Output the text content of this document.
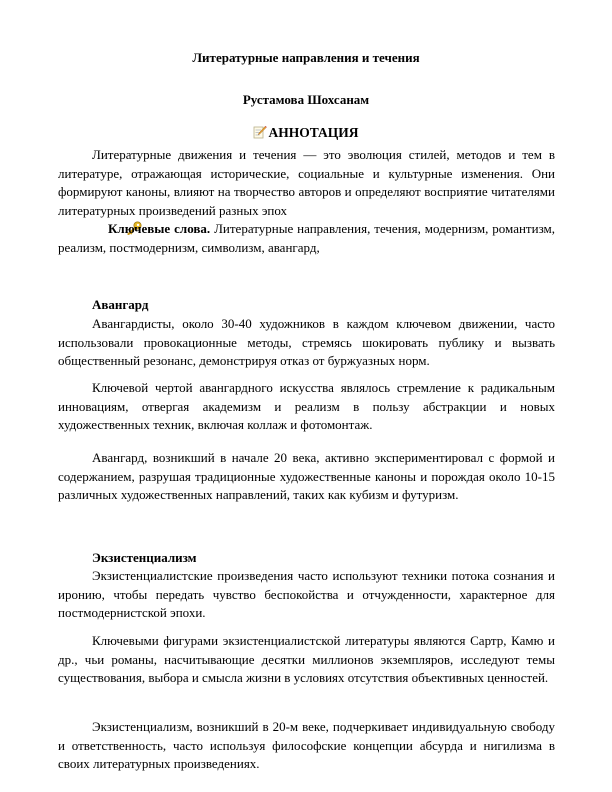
Литературные направления и течения
Рустамова Шохсанам
АННОТАЦИЯ

Литературные движения и течения — это эволюция стилей, методов и тем в литературе, отражающая исторические, социальные и культурные изменения. Они формируют каноны, влияют на творчество авторов и определяют восприятие читателями литературных произведений разных эпох

Ключевые слова. Литературные направления, течения, модернизм, романтизм, реализм, постмодернизм, символизм, авангард,

Авангард

Авангардисты, около 30-40 художников в каждом ключевом движении, часто использовали провокационные методы, стремясь шокировать публику и вызвать общественный резонанс, демонстрируя отказ от буржуазных норм.

Ключевой чертой авангардного искусства являлось стремление к радикальным инновациям, отвергая академизм и реализм в пользу абстракции и новых художественных техник, включая коллаж и фотомонтаж.

Авангард, возникший в начале 20 века, активно экспериментировал с формой и содержанием, разрушая традиционные художественные каноны и порождая около 10-15 различных художественных направлений, таких как кубизм и футуризм.

Экзистенциализм

Экзистенциалистские произведения часто используют техники потока сознания и иронию, чтобы передать чувство беспокойства и отчужденности, характерное для постмодернистской эпохи.

Ключевыми фигурами экзистенциалистской литературы являются Сартр, Камю и др., чьи романы, насчитывающие десятки миллионов экземпляров, исследуют темы существования, выбора и смысла жизни в условиях отсутствия объективных ценностей.

Экзистенциализм, возникший в 20-м веке, подчеркивает индивидуальную свободу и ответственность, часто используя философские концепции абсурда и нигилизма в своих литературных произведениях.
